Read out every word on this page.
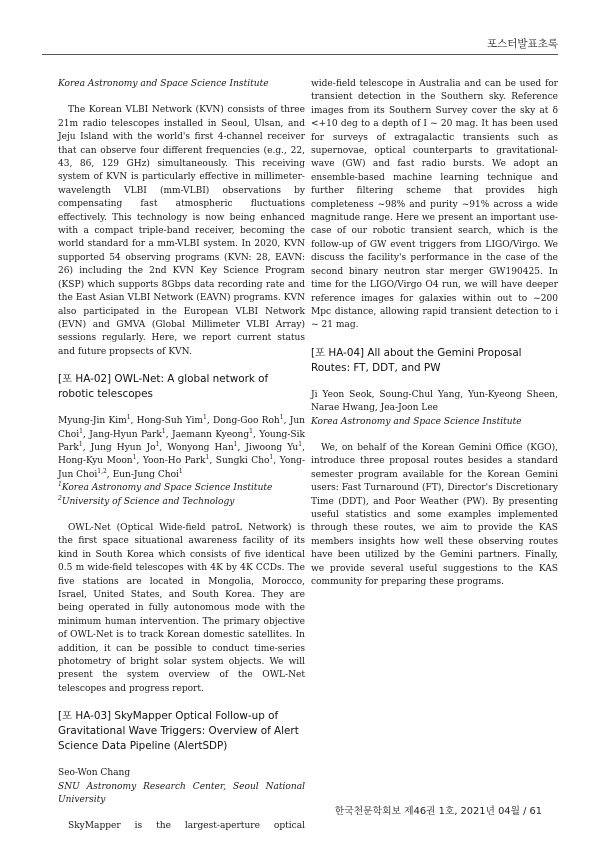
포스터발표초록

Korea Astronomy and Space Science Institute

The Korean VLBI Network (KVN) consists of three 21m radio telescopes installed in Seoul, Ulsan, and Jeju Island with the world's first 4-channel receiver that can observe four different frequencies (e.g., 22, 43, 86, 129 GHz) simultaneously. This receiving system of KVN is particularly effective in millimeter-wavelength VLBI (mm-VLBI) observations by compensating fast atmospheric fluctuations effectively. This technology is now being enhanced with a compact triple-band receiver, becoming the world standard for a mm-VLBI system. In 2020, KVN supported 54 observing programs (KVN: 28, EAVN: 26) including the 2nd KVN Key Science Program (KSP) which supports 8Gbps data recording rate and the East Asian VLBI Network (EAVN) programs. KVN also participated in the European VLBI Network (EVN) and GMVA (Global Millimeter VLBI Array) sessions regularly. Here, we report current status and future propsects of KVN.

[포 HA-02] OWL-Net: A global network of robotic telescopes

Myung-Jin Kim$^1$, Hong-Suh Yim$^1$, Dong-Goo Roh$^1$, Jun Choi$^1$, Jang-Hyun Park$^1$, Jaemann Kyeong$^1$, Young-Sik Park$^1$, Jung Hyun Jo$^1$, Wonyong Han$^1$, Jiwoong Yu$^1$, Hong-Kyu Moon$^1$, Yoon-Ho Park$^1$, Sungki Cho$^1$, Yong-Jun Choi$^{1,2}$, Eun-Jung Choi$^1$

$^1$Korea Astronomy and Space Science Institute

$^2$University of Science and Technology

OWL-Net (Optical Wide-field patroL Network) is the first space situational awareness facility of its kind in South Korea which consists of five identical 0.5 m wide-field telescopes with 4K by 4K CCDs. The five stations are located in Mongolia, Morocco, Israel, United States, and South Korea. They are being operated in fully autonomous mode with the minimum human intervention. The primary objective of OWL-Net is to track Korean domestic satellites. In addition, it can be possible to conduct time-series photometry of bright solar system objects. We will present the system overview of the OWL-Net telescopes and progress report.

[포 HA-03] SkyMapper Optical Follow-up of Gravitational Wave Triggers: Overview of Alert Science Data Pipeline (AlertSDP)

Seo-Won Chang

SNU Astronomy Research Center, Seoul National University

SkyMapper is the largest-aperture optical

wide-field telescope in Australia and can be used for transient detection in the Southern sky. Reference images from its Southern Survey cover the sky at δ <+10 deg to a depth of I ~ 20 mag. It has been used for surveys of extragalactic transients such as supernovae, optical counterparts to gravitational-wave (GW) and fast radio bursts. We adopt an ensemble-based machine learning technique and further filtering scheme that provides high completeness ~98% and purity ~91% across a wide magnitude range. Here we present an important use-case of our robotic transient search, which is the follow-up of GW event triggers from LIGO/Virgo. We discuss the facility's performance in the case of the second binary neutron star merger GW190425. In time for the LIGO/Virgo O4 run, we will have deeper reference images for galaxies within out to ~200 Mpc distance, allowing rapid transient detection to i ~ 21 mag.

[포 HA-04] All about the Gemini Proposal Routes: FT, DDT, and PW

Ji Yeon Seok, Soung-Chul Yang, Yun-Kyeong Sheen, Narae Hwang, Jea-Joon Lee

Korea Astronomy and Space Science Institute

We, on behalf of the Korean Gemini Office (KGO), introduce three proposal routes besides a standard semester program available for the Korean Gemini users: Fast Turnaround (FT), Director's Discretionary Time (DDT), and Poor Weather (PW). By presenting useful statistics and some examples implemented through these routes, we aim to provide the KAS members insights how well these observing routes have been utilized by the Gemini partners. Finally, we provide several useful suggestions to the KAS community for preparing these programs.

한국천문학회보 제46권 1호, 2021년 04월 / 61
